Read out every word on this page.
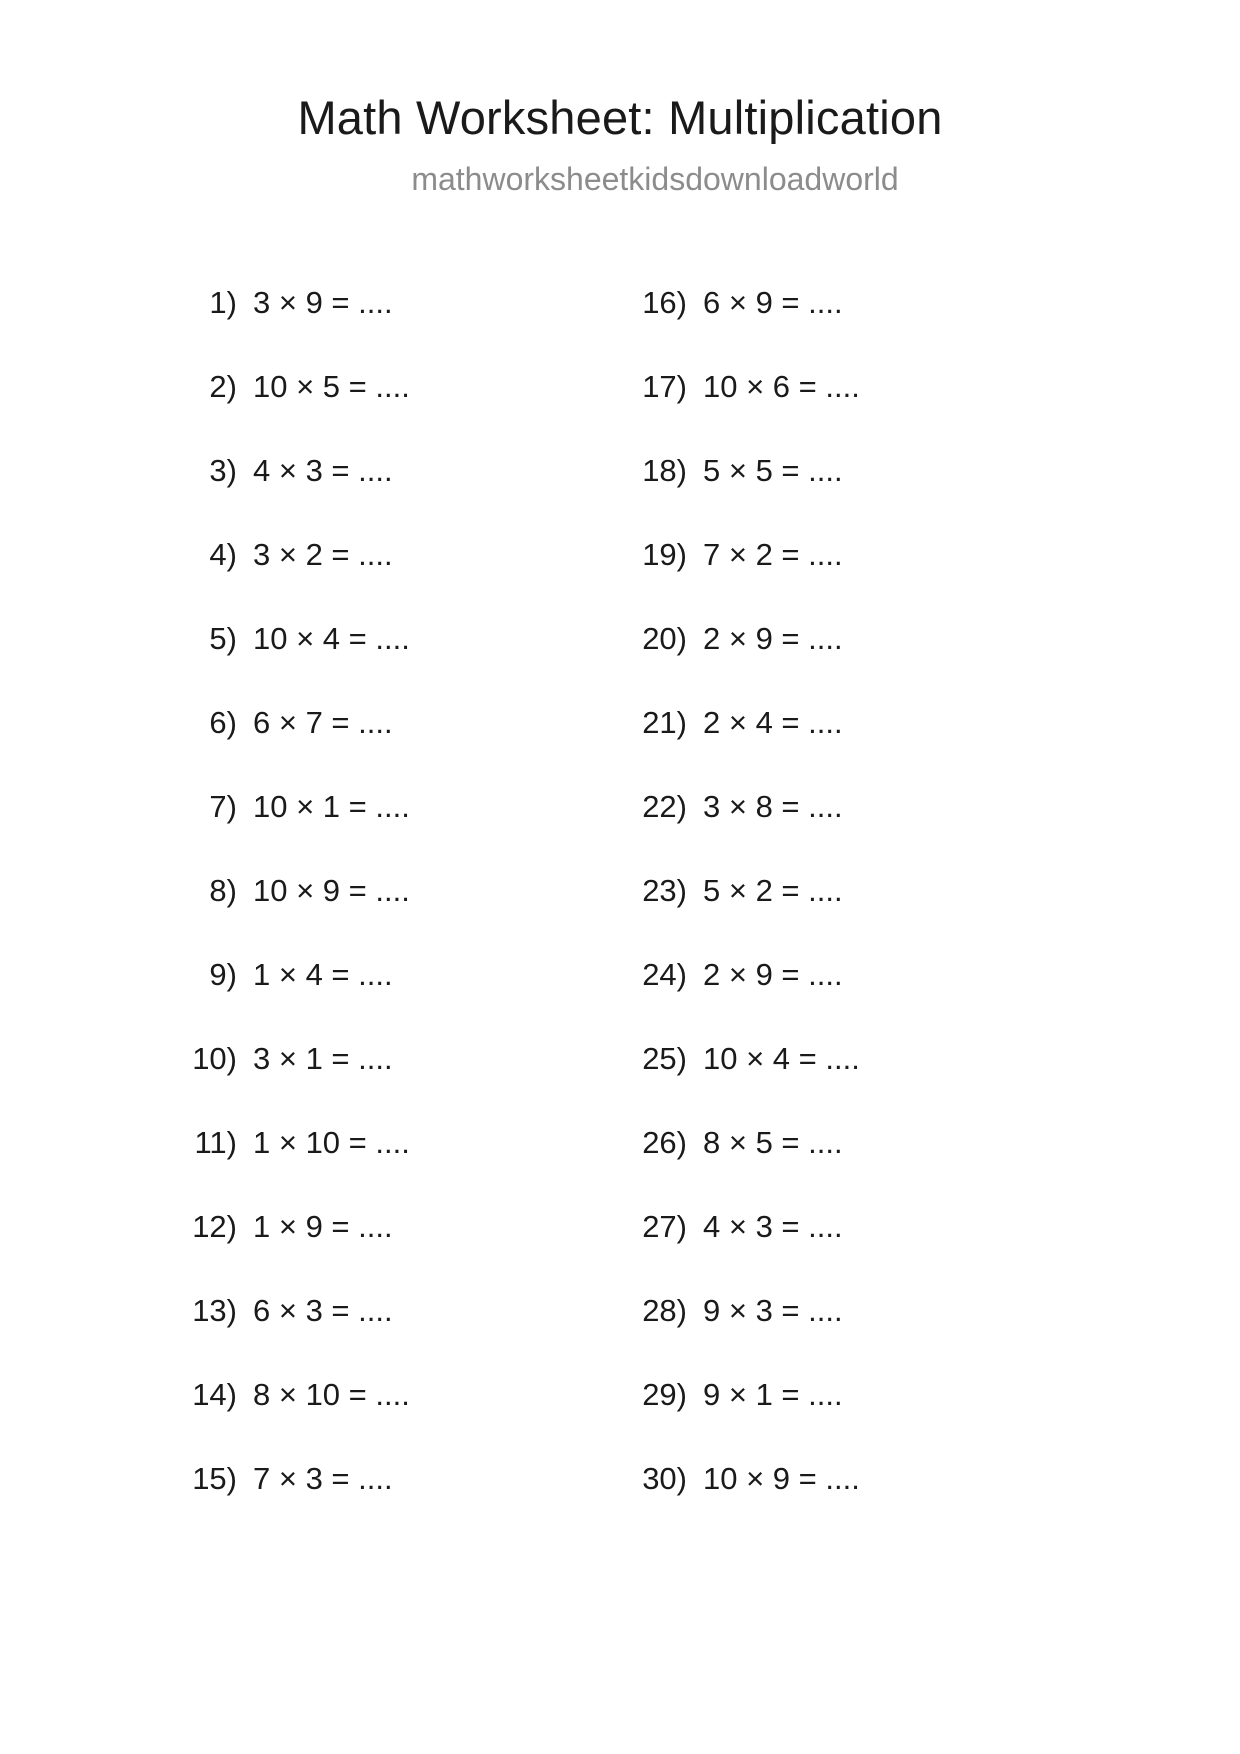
Math Worksheet: Multiplication
mathworksheetkidsdownloadworld
1) 3 × 9 = ....
2) 10 × 5 = ....
3) 4 × 3 = ....
4) 3 × 2 = ....
5) 10 × 4 = ....
6) 6 × 7 = ....
7) 10 × 1 = ....
8) 10 × 9 = ....
9) 1 × 4 = ....
10) 3 × 1 = ....
11) 1 × 10 = ....
12) 1 × 9 = ....
13) 6 × 3 = ....
14) 8 × 10 = ....
15) 7 × 3 = ....
16) 6 × 9 = ....
17) 10 × 6 = ....
18) 5 × 5 = ....
19) 7 × 2 = ....
20) 2 × 9 = ....
21) 2 × 4 = ....
22) 3 × 8 = ....
23) 5 × 2 = ....
24) 2 × 9 = ....
25) 10 × 4 = ....
26) 8 × 5 = ....
27) 4 × 3 = ....
28) 9 × 3 = ....
29) 9 × 1 = ....
30) 10 × 9 = ....
